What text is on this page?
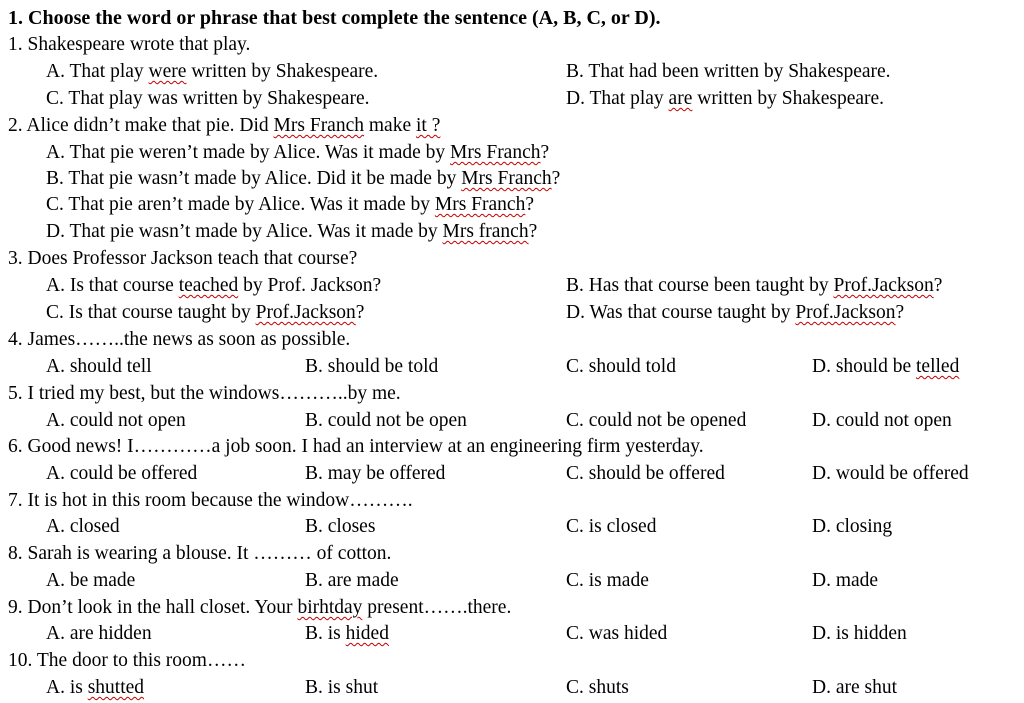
1. Choose the word or phrase that best complete the sentence (A, B, C, or D).
1. Shakespeare wrote that play.
A. That play were written by Shakespeare.	B. That had been written by Shakespeare.
C. That play was written by Shakespeare.	D. That play are written by Shakespeare.
2. Alice didn’t make that pie. Did Mrs Franch make it ?
A. That pie weren’t made by Alice. Was it made by Mrs Franch?
B. That pie wasn’t made by Alice. Did it be made by Mrs Franch?
C. That pie aren’t made by Alice. Was it made by Mrs Franch?
D. That pie wasn’t made by Alice. Was it made by Mrs franch?
3. Does Professor Jackson teach that course?
A. Is that course teached by Prof. Jackson?	B. Has that course been taught by Prof.Jackson?
C. Is that course taught by Prof.Jackson?	D. Was that course taught by Prof.Jackson?
4. James……..the news as soon as possible.
A. should tell	B. should be told	C. should told	D. should be telled
5. I tried my best, but the windows………..by me.
A. could not open	B. could not be open	C. could not be opened	D. could not open
6. Good news! I…………a job soon. I had an interview at an engineering firm yesterday.
A. could be offered	B. may be offered	C. should be offered	D. would be offered
7. It is hot in this room because the window……….
A. closed	B. closes	C. is closed	D. closing
8. Sarah is wearing a blouse. It ……… of cotton.
A. be made	B. are made	C. is made	D. made
9. Don’t look in the hall closet. Your birhtday present…….there.
A. are hidden	B. is hided	C. was hided	D. is hidden
10. The door to this room……
A. is shutted	B. is shut	C. shuts	D. are shut
